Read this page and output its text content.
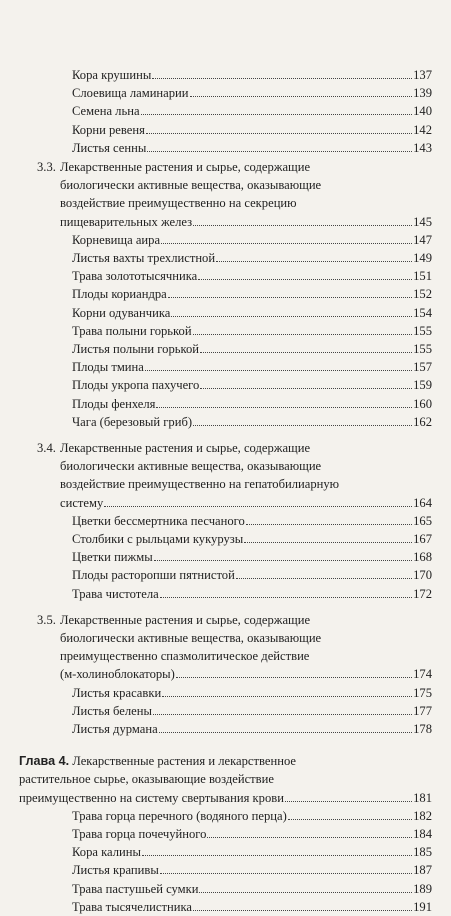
Кора крушины	137
Слоевища ламинарии	139
Семена льна	140
Корни ревеня	142
Листья сенны	143
3.3. Лекарственные растения и сырье, содержащие
биологически активные вещества, оказывающие
воздействие преимущественно на секрецию
пищеварительных желез	145
Корневища аира	147
Листья вахты трехлистной	149
Трава золототысячника	151
Плоды кориандра	152
Корни одуванчика	154
Трава полыни горькой	155
Листья полыни горькой	155
Плоды тмина	157
Плоды укропа пахучего	159
Плоды фенхеля	160
Чага (березовый гриб)	162
3.4. Лекарственные растения и сырье, содержащие
биологически активные вещества, оказывающие
воздействие преимущественно на гепатобилиарную
систему	164
Цветки бессмертника песчаного	165
Столбики с рыльцами кукурузы	167
Цветки пижмы	168
Плоды расторопши пятнистой	170
Трава чистотела	172
3.5. Лекарственные растения и сырье, содержащие
биологически активные вещества, оказывающие
преимущественно спазмолитическое действие
(м-холиноблокаторы)	174
Листья красавки	175
Листья белены	177
Листья дурмана	178
Глава 4. Лекарственные растения и лекарственное
растительное сырье, оказывающие воздействие
преимущественно на систему свертывания крови	181
Трава горца перечного (водяного перца)	182
Трава горца почечуйного	184
Кора калины	185
Листья крапивы	187
Трава пастушьей сумки	189
Трава тысячелистника	191
